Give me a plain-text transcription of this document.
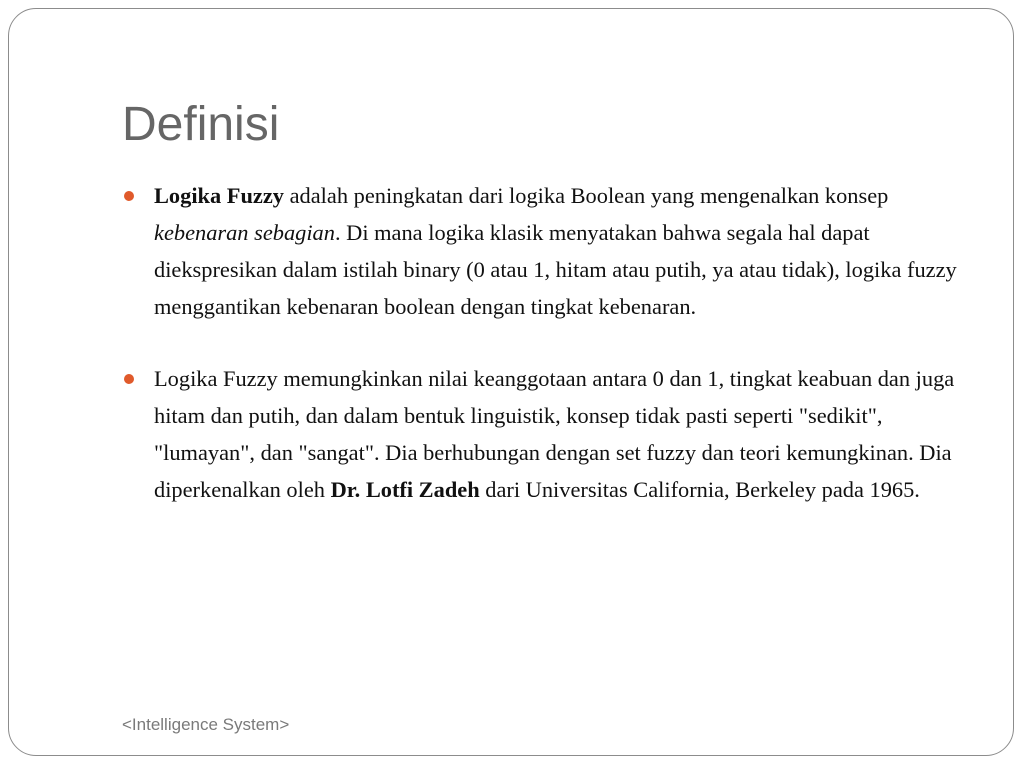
Definisi
Logika Fuzzy adalah peningkatan dari logika Boolean yang mengenalkan konsep kebenaran sebagian. Di mana logika klasik menyatakan bahwa segala hal dapat diekspresikan dalam istilah binary (0 atau 1, hitam atau putih, ya atau tidak), logika fuzzy menggantikan kebenaran boolean dengan tingkat kebenaran.
Logika Fuzzy memungkinkan nilai keanggotaan antara 0 dan 1, tingkat keabuan dan juga hitam dan putih, dan dalam bentuk linguistik, konsep tidak pasti seperti "sedikit", "lumayan", dan "sangat". Dia berhubungan dengan set fuzzy dan teori kemungkinan. Dia diperkenalkan oleh Dr. Lotfi Zadeh dari Universitas California, Berkeley pada 1965.
<Intelligence System>
